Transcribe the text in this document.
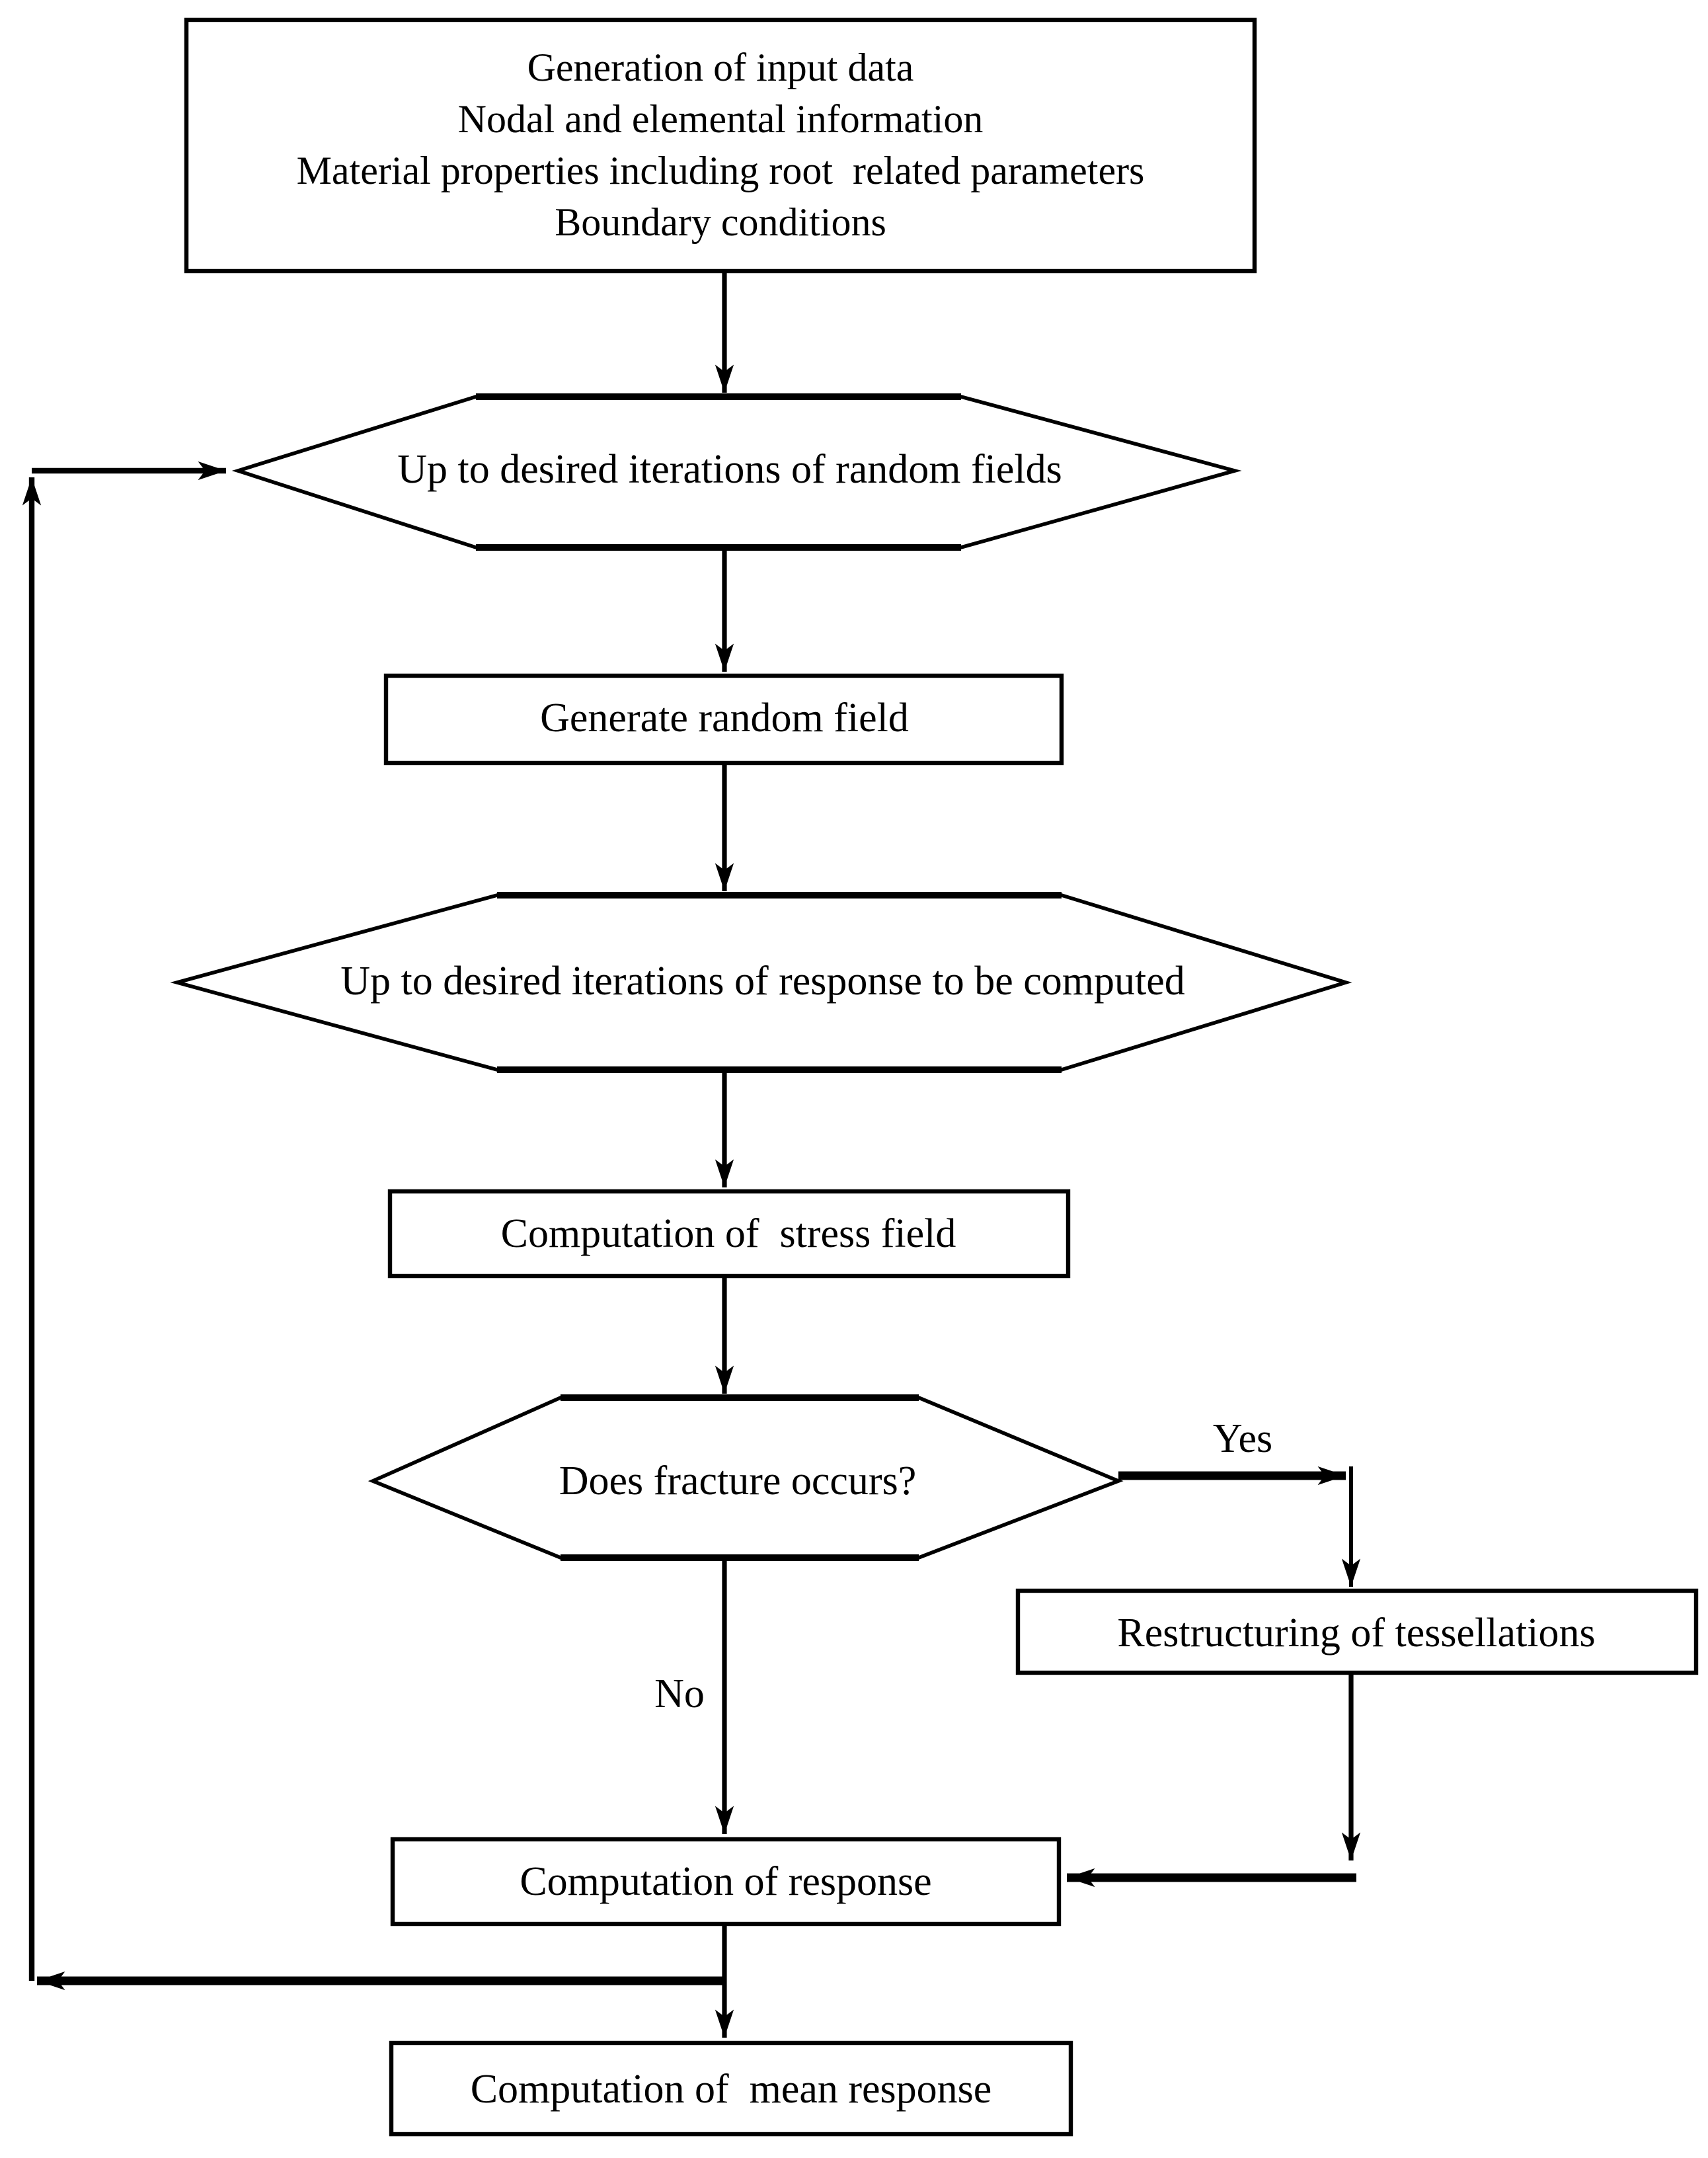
Generation of input data
Nodal and elemental information
Material properties including root  related parameters
Boundary conditions
Up to desired iterations of random fields
Generate random field
Up to desired iterations of response to be computed
Computation of  stress field
Does fracture occurs?
Yes
Restructuring of tessellations
No
Computation of response
Computation of  mean response
